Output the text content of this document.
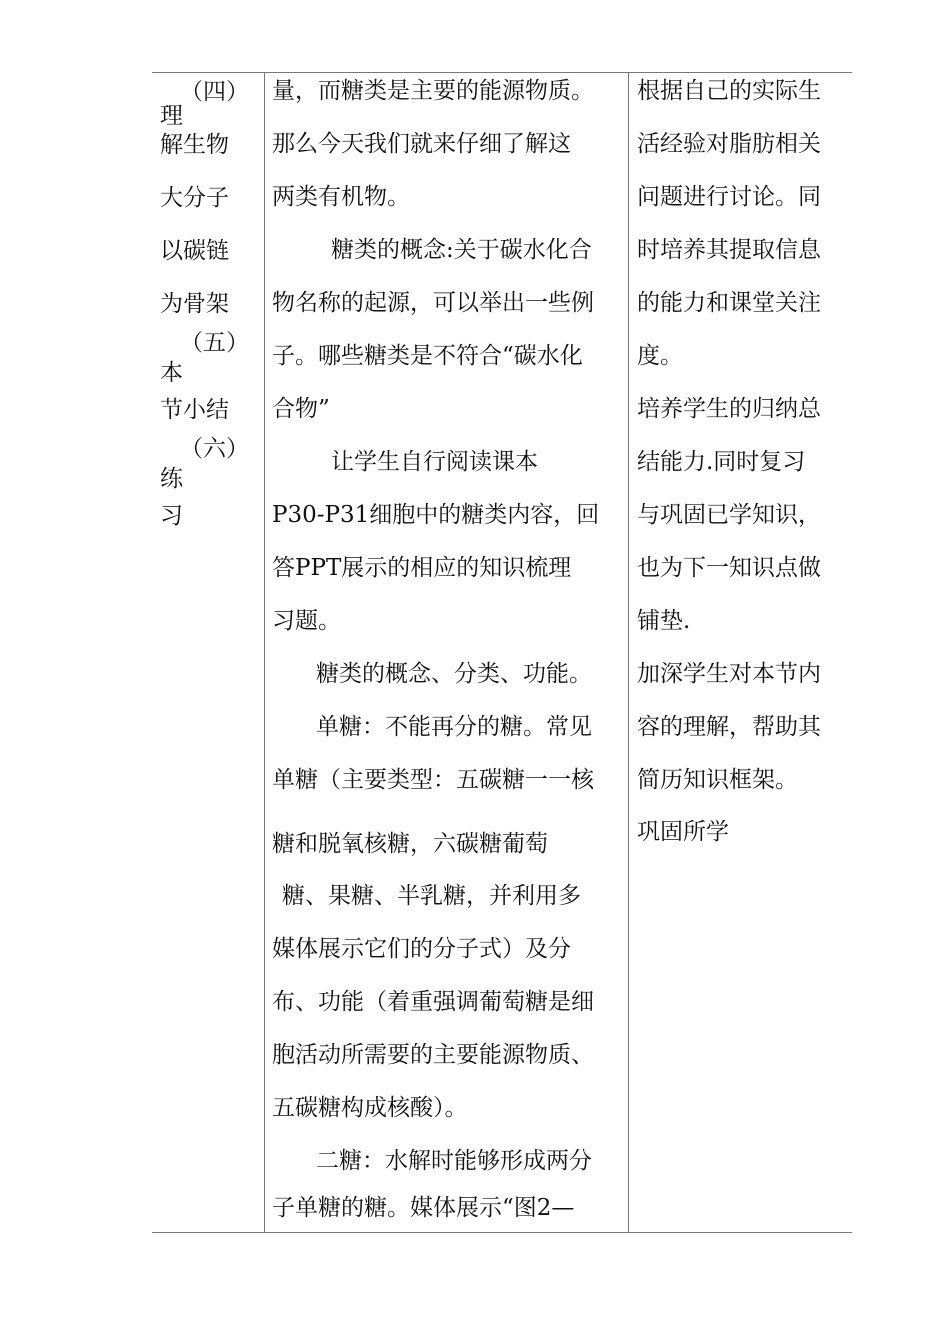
（四）
理
解生物
大分子
以碳链
为骨架
（五）
本
节小结
（六）
练
习
量，而糖类是主要的能源物质。
那么今天我们就来仔细了解这
两类有机物。
糖类的概念:关于碳水化合
物名称的起源，可以举出一些例
子。哪些糖类是不符合“碳水化
合物”
让学生自行阅读课本
P30-P31细胞中的糖类内容，回
答PPT展示的相应的知识梳理
习题。
糖类的概念、分类、功能。
单糖：不能再分的糖。常见
单糖（主要类型：五碳糖一一核
糖和脱氧核糖，六碳糖葡萄
糖、果糖、半乳糖，并利用多
媒体展示它们的分子式）及分
布、功能（着重强调葡萄糖是细
胞活动所需要的主要能源物质、
五碳糖构成核酸）。
二糖：水解时能够形成两分
子单糖的糖。媒体展示“图2—
根据自己的实际生
活经验对脂肪相关
问题进行讨论。同
时培养其提取信息
的能力和课堂关注
度。
培养学生的归纳总
结能力.同时复习
与巩固已学知识，
也为下一知识点做
铺垫.
加深学生对本节内
容的理解，帮助其
简历知识框架。
巩固所学
